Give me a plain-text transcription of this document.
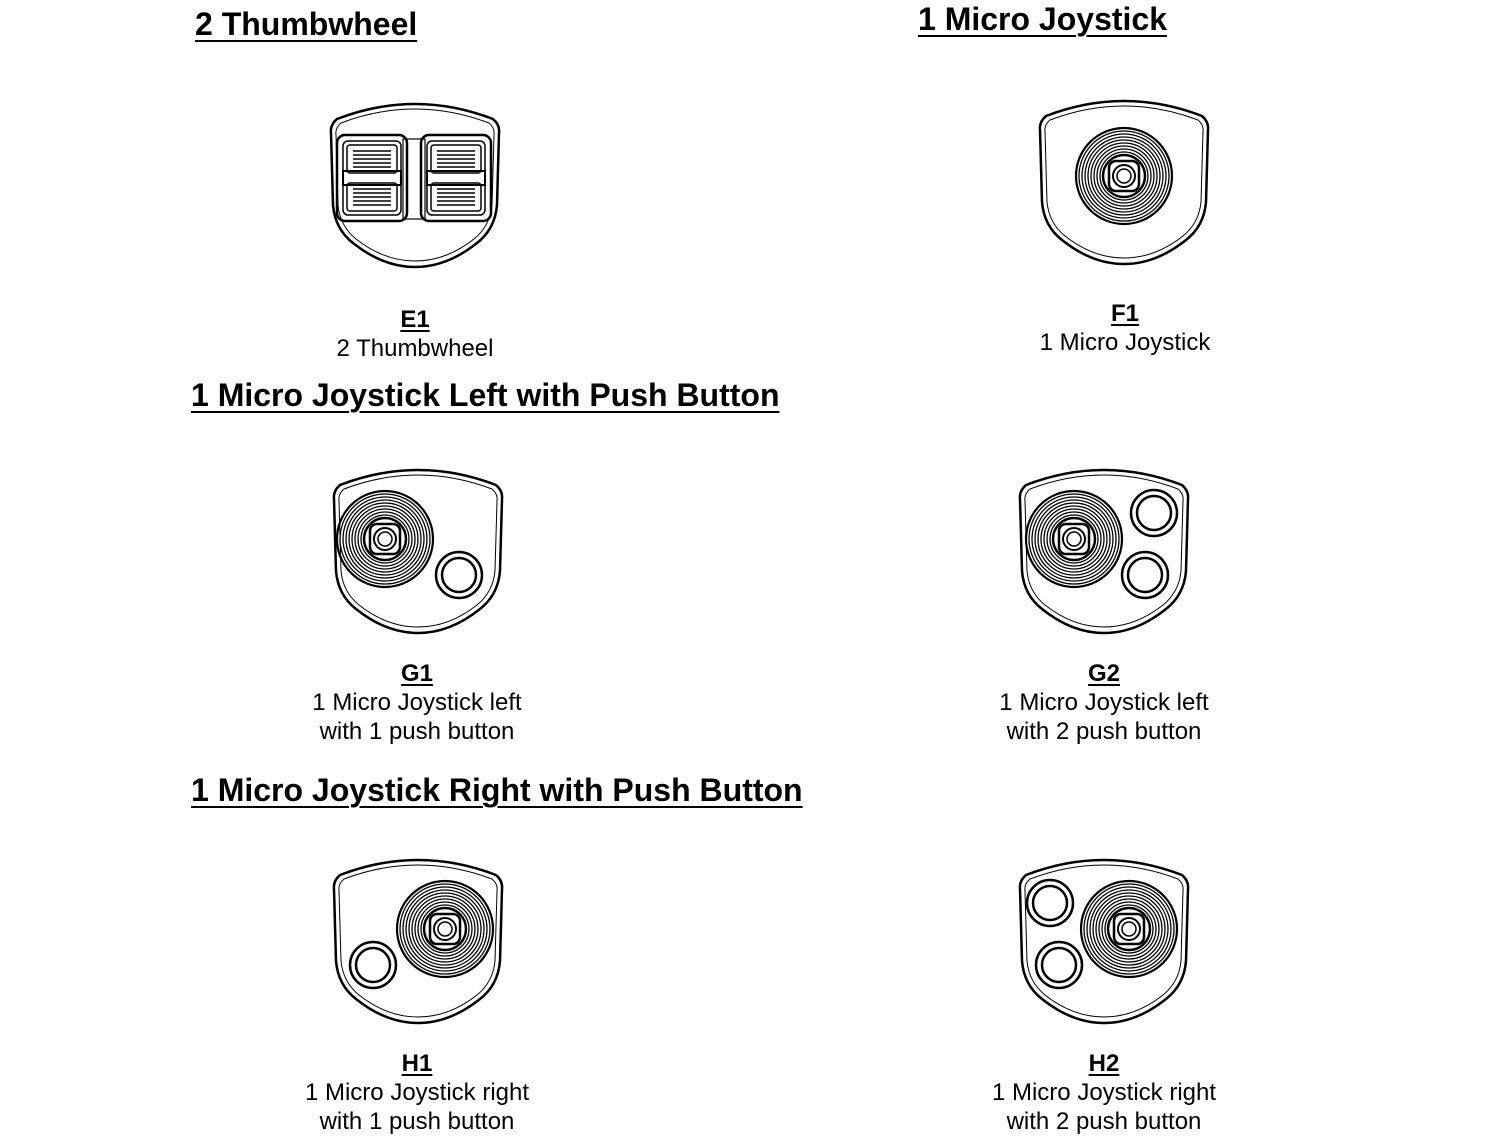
2 Thumbwheel	1 Micro Joystick
1 Micro Joystick Left with Push Button
1 Micro Joystick Right with Push Button
E1
2 Thumbwheel
F1
1 Micro Joystick
G1
1 Micro Joystick left
with 1 push button
G2
1 Micro Joystick left
with 2 push button
H1
1 Micro Joystick right
with 1 push button
H2
1 Micro Joystick right
with 2 push button
